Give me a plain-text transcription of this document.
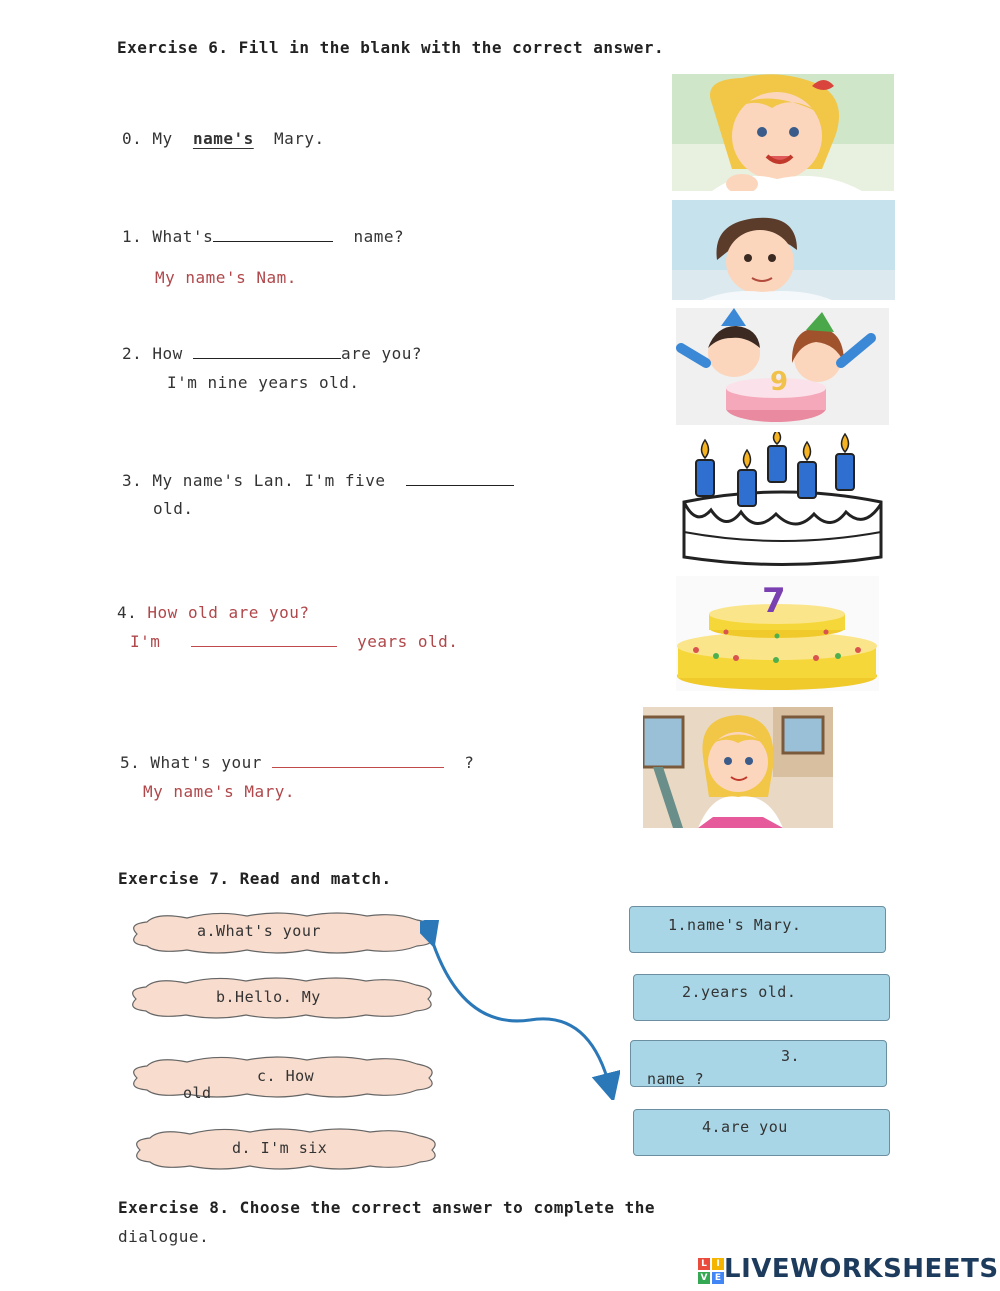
Exercise 6. Fill in the blank with the correct answer.
0. My name's Mary.
1. What's	name?
My name's Nam.
2. How	are you?
I'm nine years old.	9
3. My name's Lan. I'm five
old.
4. How old are you?
I'm	years old.
7
5. What's your	?
My name's Mary.
Exercise 7. Read and match.
a.What's your
b.Hello. My
c. How
old
d. I'm six
1.name's Mary.
2.years old.
3.
name ?
4.are you
Exercise 8. Choose the correct answer to complete the
dialogue.
L	I
V E LIVEWORKSHEETS
